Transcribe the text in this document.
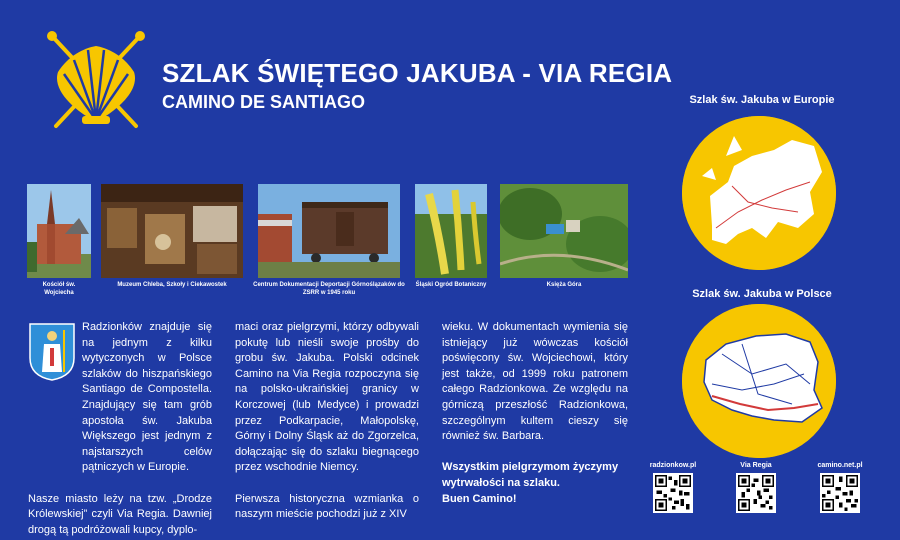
SZLAK ŚWIĘTEGO JAKUBA - VIA REGIA
CAMINO DE SANTIAGO
Kościół św. Wojciecha
Muzeum Chleba, Szkoły i Ciekawostek	Centrum Dokumentacji Deportacji Górnoślązaków do ZSRR w 1945 roku
Śląski Ogród Botaniczny	Księża Góra

Radzionków znajduje się na jednym z kilku wytyczonych w Polsce szlaków do hiszpańskiego Santiago de Compostella. Znajdujący się tam grób apostoła św. Jakuba Większego jest jednym z najstarszych celów pątniczych w Europie.

Nasze miasto leży na tzw. „Drodze Królewskiej” czyli Via Regia. Dawniej drogą tą podróżowali kupcy, dyplo-

maci oraz pielgrzymi, którzy odbywali pokutę lub nieśli swoje prośby do grobu św. Jakuba. Polski odcinek Camino na Via Regia rozpoczyna się na polsko-ukraińskiej granicy w Korczowej (lub Medyce) i prowadzi przez Podkarpacie, Małopolskę, Górny i Dolny Śląsk aż do Zgorzelca, dołączając się do szlaku biegnącego przez wschodnie Niemcy.

Pierwsza historyczna wzmianka o naszym mieście pochodzi już z XIV

wieku. W dokumentach wymienia się istniejący już wówczas kościół poświęcony św. Wojciechowi, który jest także, od 1999 roku patronem całego Radzionkowa. Ze względu na górniczą przeszłość Radzionkowa, szczególnym kultem cieszy się również św. Barbara.

Wszystkim pielgrzymom życzymy wytrwałości na szlaku.
Buen Camino!
Szlak św. Jakuba w Europie
Szlak św. Jakuba w Polsce
radzionkow.pl	Via Regia	camino.net.pl
